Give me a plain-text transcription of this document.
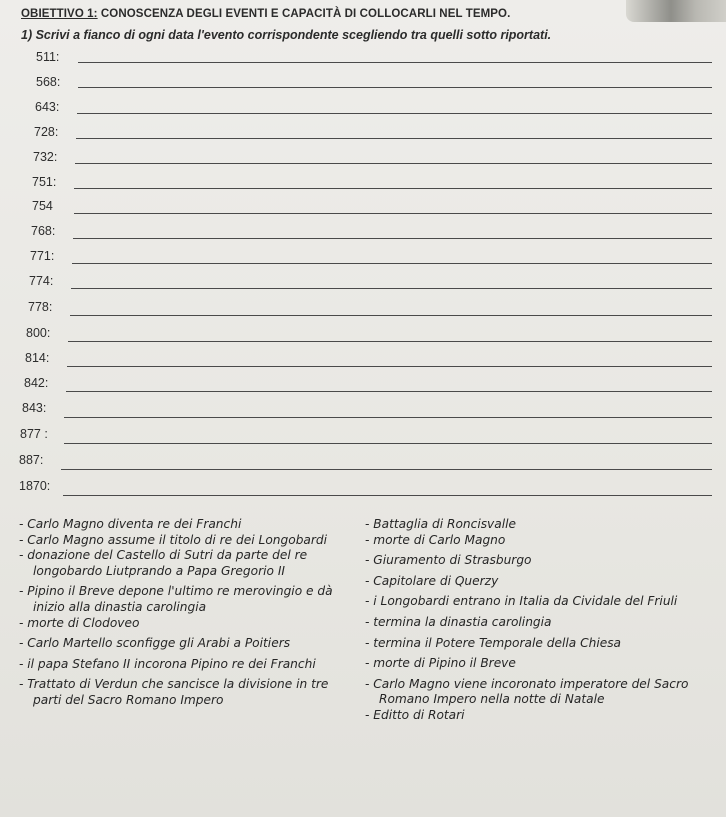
OBIETTIVO 1: CONOSCENZA DEGLI EVENTI E CAPACITÀ DI COLLOCARLI NEL TEMPO.
1) Scrivi a fianco di ogni data l'evento corrispondente scegliendo tra quelli sotto riportati.
511:
568:
643:
728:
732:
751:
754
768:
771:
774:
778:
800:
814:
842:
843:
877 :
887:
1870:
- Carlo Magno diventa re dei Franchi
- Carlo Magno assume il titolo di re dei Longobardi
- donazione del Castello di Sutri da parte del re
longobardo Liutprando a Papa Gregorio II
- Pipino il Breve depone l'ultimo re merovingio e dà
inizio alla dinastia carolingia
- morte di Clodoveo
- Carlo Martello sconfigge gli Arabi a Poitiers
- il papa Stefano II incorona Pipino re dei Franchi
- Trattato di Verdun che sancisce la divisione in tre
parti del Sacro Romano Impero
- Battaglia di Roncisvalle
- morte di Carlo Magno
- Giuramento di Strasburgo
- Capitolare di Querzy
- i Longobardi entrano in Italia da Cividale del Friuli
- termina la dinastia carolingia
- termina il Potere Temporale della Chiesa
- morte di Pipino il Breve
- Carlo Magno viene incoronato imperatore del Sacro
Romano Impero nella notte di Natale
- Editto di Rotari
